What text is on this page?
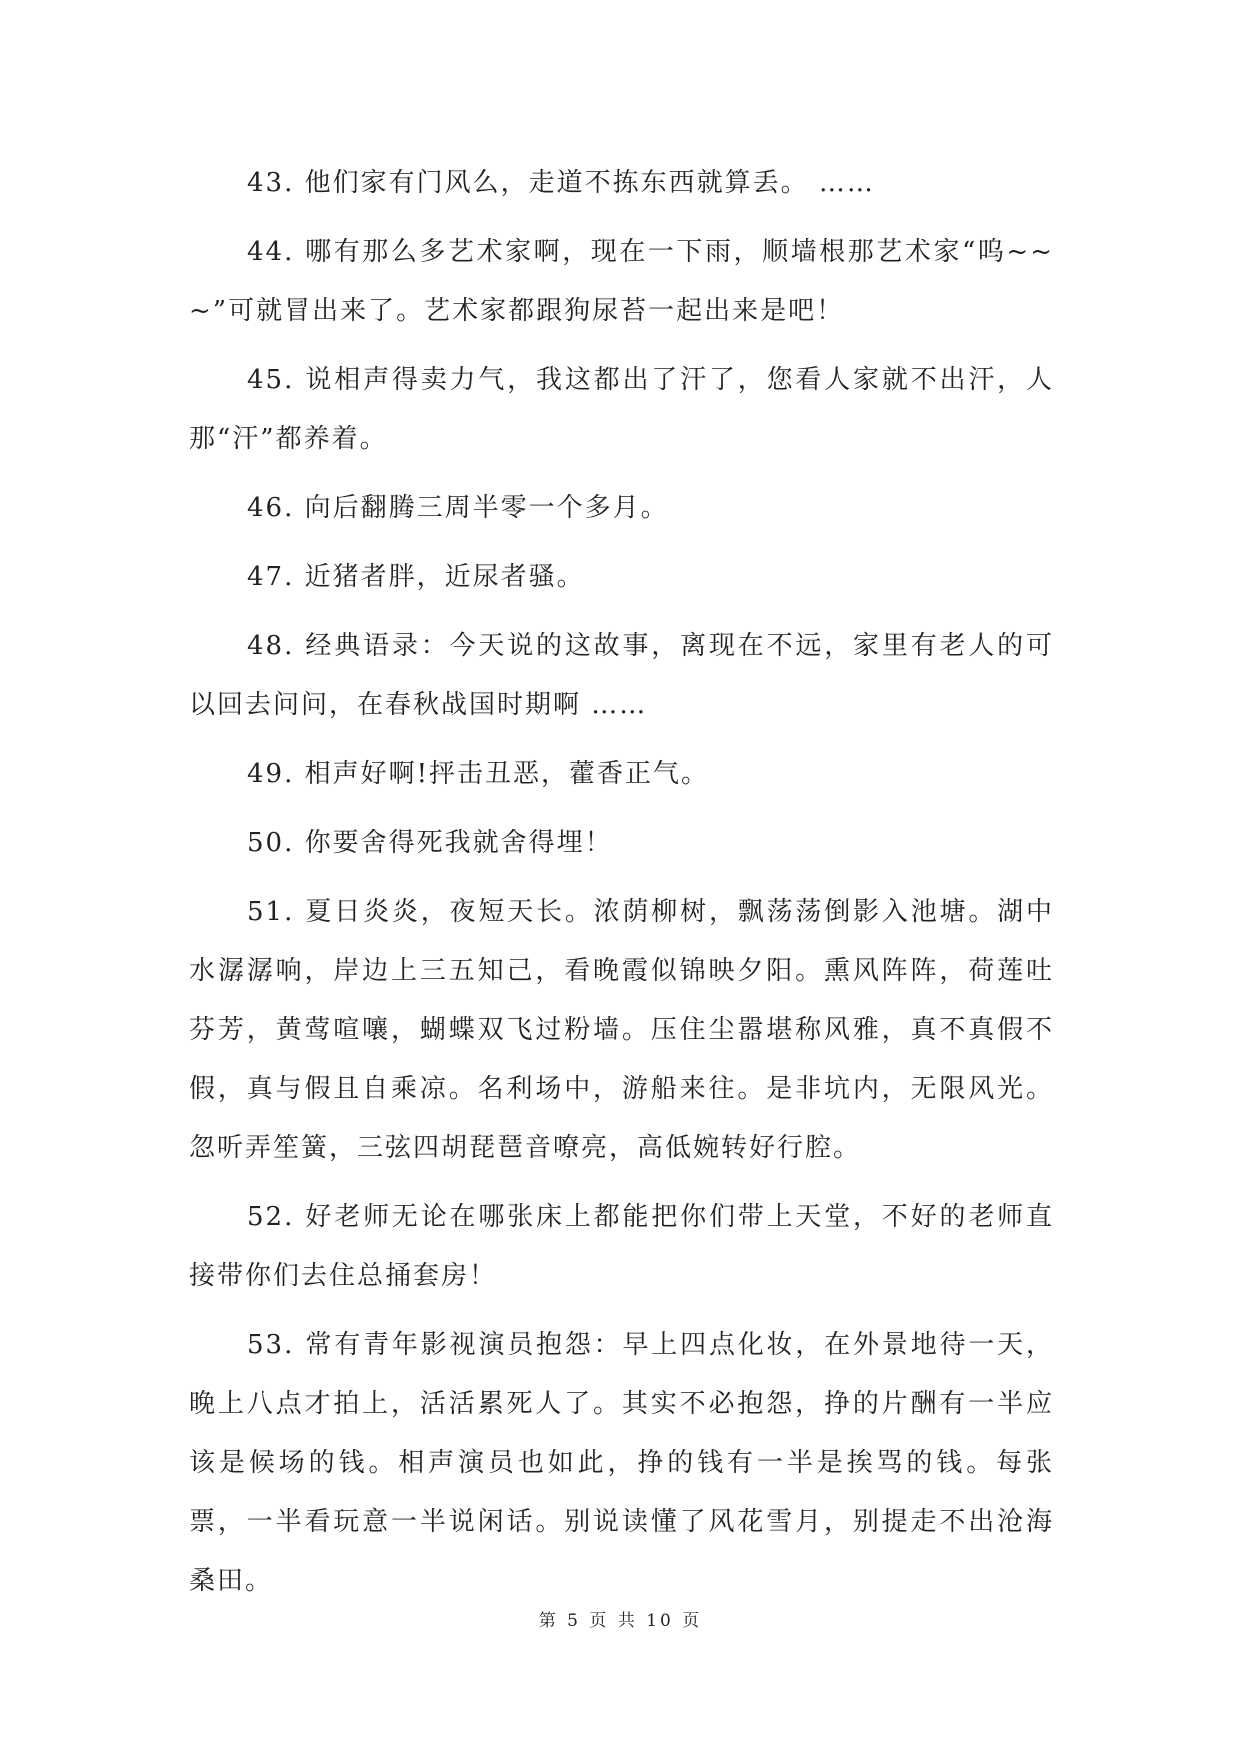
43. 他们家有门风么，走道不拣东西就算丢。 ……

44. 哪有那么多艺术家啊，现在一下雨，顺墙根那艺术家“呜~~~”可就冒出来了。艺术家都跟狗尿苔一起出来是吧！

45. 说相声得卖力气，我这都出了汗了，您看人家就不出汗，人那“汗”都养着。

46. 向后翻腾三周半零一个多月。

47. 近猪者胖，近尿者骚。

48. 经典语录：今天说的这故事，离现在不远，家里有老人的可以回去问问，在春秋战国时期啊 ……

49. 相声好啊!抨击丑恶，藿香正气。

50. 你要舍得死我就舍得埋！

51. 夏日炎炎，夜短天长。浓荫柳树，飘荡荡倒影入池塘。湖中水潺潺响，岸边上三五知己，看晚霞似锦映夕阳。熏风阵阵，荷莲吐芬芳，黄莺喧嚷，蝴蝶双飞过粉墙。压住尘嚣堪称风雅，真不真假不假，真与假且自乘凉。名利场中，游船来往。是非坑内，无限风光。忽听弄笙簧，三弦四胡琵琶音嘹亮，高低婉转好行腔。

52. 好老师无论在哪张床上都能把你们带上天堂，不好的老师直接带你们去住总捅套房！

53. 常有青年影视演员抱怨：早上四点化妆，在外景地待一天，晚上八点才拍上，活活累死人了。其实不必抱怨，挣的片酬有一半应该是候场的钱。相声演员也如此，挣的钱有一半是挨骂的钱。每张票，一半看玩意一半说闲话。别说读懂了风花雪月，别提走不出沧海桑田。

第 5 页 共 10 页
